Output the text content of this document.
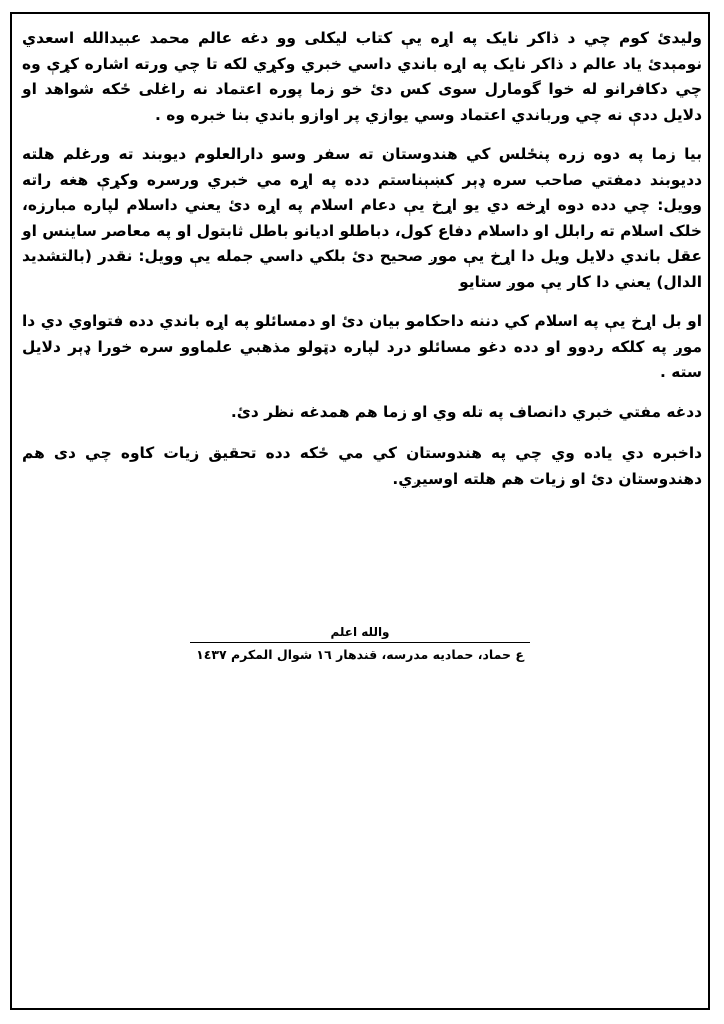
وليدئ كوم چي د ذاكر نايک په اړه يې کتاب ليکلی وو دغه عالم محمد عبيدالله اسعدي نومېدئ ياد عالم د ذاكر نايک په اړه باندي داسي خبري وکړي لکه تا چي ورته اشاره کړې وه چي دکافرانو له خوا گومارل سوی کس دئ خو زما پوره اعتماد نه راغلی ځکه شواهد او دلايل ددې نه چي ورباندي اعتماد وسي يوازي پر اوازو باندي بنا خبره وه .

بيا زما په دوه زره پنځلس کي هندوستان ته سفر وسو دارالعلوم ديوبند ته ورغلم هلته ددیوبند دمفتي صاحب سره ډېر کښېناستم دده په اړه مي خبري ورسره وکړې هغه راته وويل: چي دده دوه اړخه دي يو اړخ يې دعام اسلام په اړه دئ يعني داسلام لپاره مبارزه، خلک اسلام ته رابلل او داسلام دفاع کول، دباطلو اديانو باطل ثابتول او په معاصر ساينس او عقل باندي دلايل ويل دا اړخ يې موږ صحيح دئ بلکي داسي جمله يې وويل: نقدر (بالتشديد الدال) يعني دا کار يې موږ ستايو

او بل اړخ يې په اسلام کي دننه داحکامو بيان دئ او دمسائلو په اړه باندي دده فتواوي دي دا موږ په کلکه ردوو او دده دغو مسائلو درد لپاره دټولو مذهبي علماوو سره خورا ډېر دلايل سته .

ددغه مفتي خبري دانصاف په تله وي او زما هم همدغه نظر دئ.

داخبره دي ياده وي چي په هندوستان کي مي ځکه دده تحقيق زيات کاوه چي دی هم دهندوستان دئ او زيات هم هلته اوسيږي.

والله اعلم
ع حماد، حماديه مدرسه، قندهار ١٦ شوال المكرم ١٤٣٧
